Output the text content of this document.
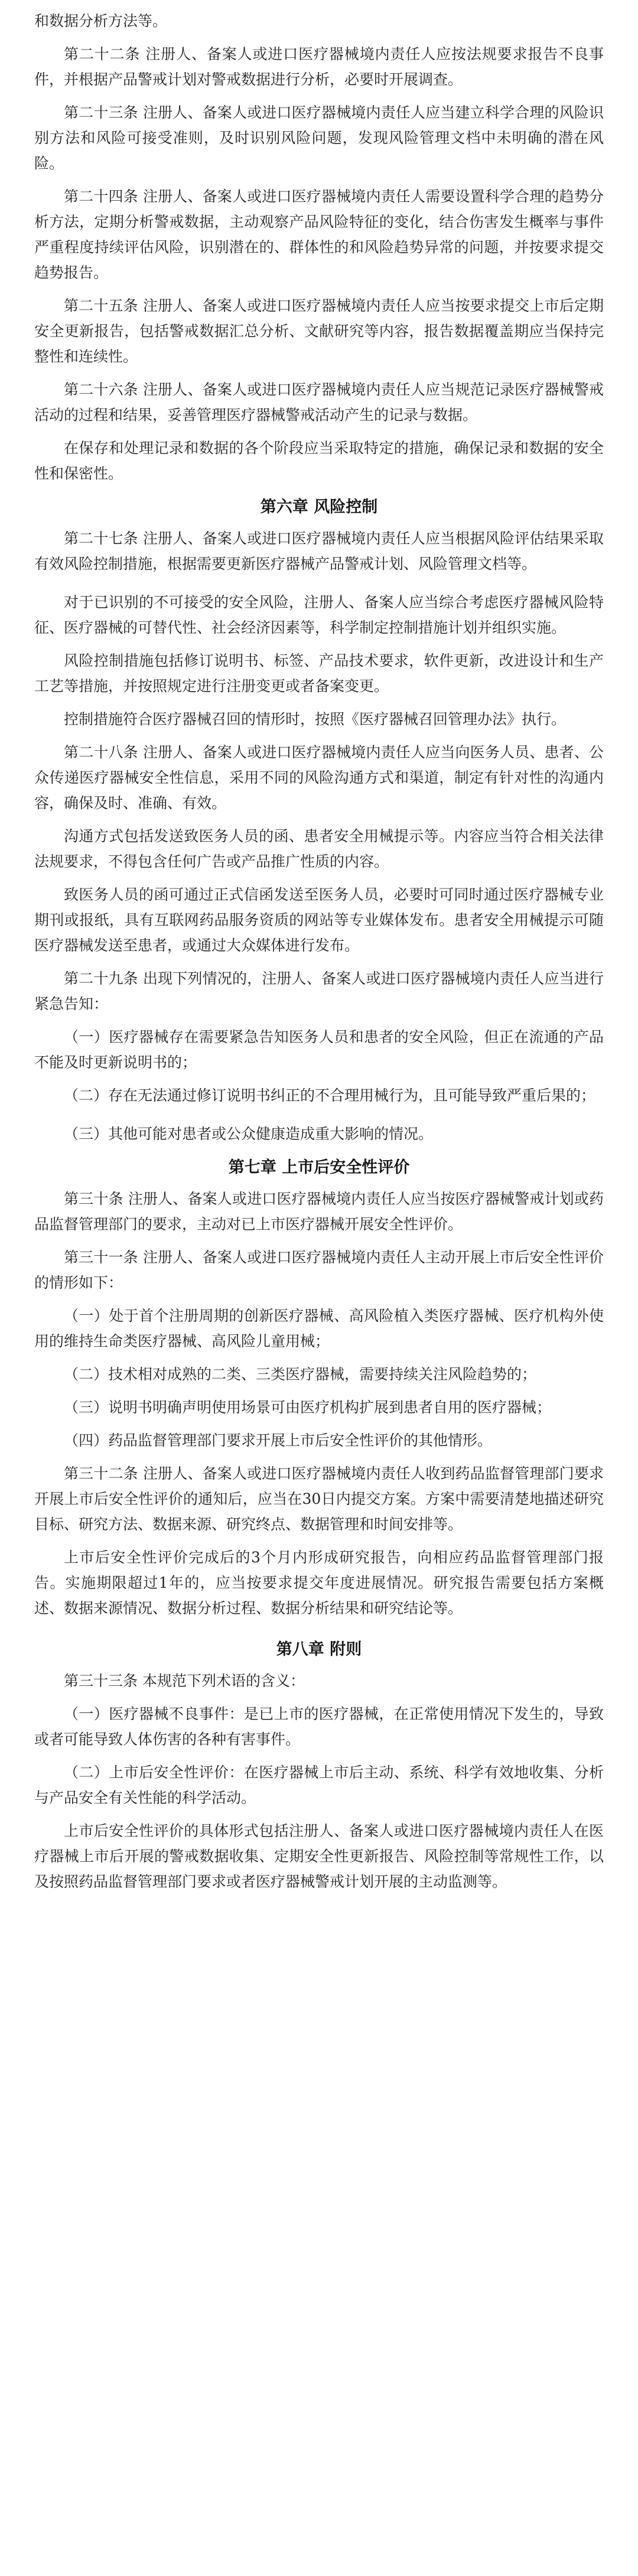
和数据分析方法等。

第二十二条 注册人、备案人或进口医疗器械境内责任人应按法规要求报告不良事件，并根据产品警戒计划对警戒数据进行分析，必要时开展调查。

第二十三条 注册人、备案人或进口医疗器械境内责任人应当建立科学合理的风险识别方法和风险可接受准则，及时识别风险问题，发现风险管理文档中未明确的潜在风险。

第二十四条 注册人、备案人或进口医疗器械境内责任人需要设置科学合理的趋势分析方法，定期分析警戒数据，主动观察产品风险特征的变化，结合伤害发生概率与事件严重程度持续评估风险，识别潜在的、群体性的和风险趋势异常的问题，并按要求提交趋势报告。

第二十五条 注册人、备案人或进口医疗器械境内责任人应当按要求提交上市后定期安全更新报告，包括警戒数据汇总分析、文献研究等内容，报告数据覆盖期应当保持完整性和连续性。

第二十六条 注册人、备案人或进口医疗器械境内责任人应当规范记录医疗器械警戒活动的过程和结果，妥善管理医疗器械警戒活动产生的记录与数据。

在保存和处理记录和数据的各个阶段应当采取特定的措施，确保记录和数据的安全性和保密性。

第六章 风险控制

第二十七条 注册人、备案人或进口医疗器械境内责任人应当根据风险评估结果采取有效风险控制措施，根据需要更新医疗器械产品警戒计划、风险管理文档等。

对于已识别的不可接受的安全风险，注册人、备案人应当综合考虑医疗器械风险特征、医疗器械的可替代性、社会经济因素等，科学制定控制措施计划并组织实施。

风险控制措施包括修订说明书、标签、产品技术要求，软件更新，改进设计和生产工艺等措施，并按照规定进行注册变更或者备案变更。

控制措施符合医疗器械召回的情形时，按照《医疗器械召回管理办法》执行。

第二十八条 注册人、备案人或进口医疗器械境内责任人应当向医务人员、患者、公众传递医疗器械安全性信息，采用不同的风险沟通方式和渠道，制定有针对性的沟通内容，确保及时、准确、有效。

沟通方式包括发送致医务人员的函、患者安全用械提示等。内容应当符合相关法律法规要求，不得包含任何广告或产品推广性质的内容。

致医务人员的函可通过正式信函发送至医务人员，必要时可同时通过医疗器械专业期刊或报纸，具有互联网药品服务资质的网站等专业媒体发布。患者安全用械提示可随医疗器械发送至患者，或通过大众媒体进行发布。

第二十九条 出现下列情况的，注册人、备案人或进口医疗器械境内责任人应当进行紧急告知：

（一）医疗器械存在需要紧急告知医务人员和患者的安全风险，但正在流通的产品不能及时更新说明书的；

（二）存在无法通过修订说明书纠正的不合理用械行为，且可能导致严重后果的；

（三）其他可能对患者或公众健康造成重大影响的情况。

第七章 上市后安全性评价

第三十条 注册人、备案人或进口医疗器械境内责任人应当按医疗器械警戒计划或药品监督管理部门的要求，主动对已上市医疗器械开展安全性评价。

第三十一条 注册人、备案人或进口医疗器械境内责任人主动开展上市后安全性评价的情形如下：

（一）处于首个注册周期的创新医疗器械、高风险植入类医疗器械、医疗机构外使用的维持生命类医疗器械、高风险儿童用械；

（二）技术相对成熟的二类、三类医疗器械，需要持续关注风险趋势的；

（三）说明书明确声明使用场景可由医疗机构扩展到患者自用的医疗器械；

（四）药品监督管理部门要求开展上市后安全性评价的其他情形。

第三十二条 注册人、备案人或进口医疗器械境内责任人收到药品监督管理部门要求开展上市后安全性评价的通知后，应当在30日内提交方案。方案中需要清楚地描述研究目标、研究方法、数据来源、研究终点、数据管理和时间安排等。

上市后安全性评价完成后的3个月内形成研究报告，向相应药品监督管理部门报告。实施期限超过1年的，应当按要求提交年度进展情况。研究报告需要包括方案概述、数据来源情况、数据分析过程、数据分析结果和研究结论等。

第八章 附则

第三十三条 本规范下列术语的含义：

（一）医疗器械不良事件：是已上市的医疗器械，在正常使用情况下发生的，导致或者可能导致人体伤害的各种有害事件。

（二）上市后安全性评价：在医疗器械上市后主动、系统、科学有效地收集、分析与产品安全有关性能的科学活动。

上市后安全性评价的具体形式包括注册人、备案人或进口医疗器械境内责任人在医疗器械上市后开展的警戒数据收集、定期安全性更新报告、风险控制等常规性工作，以及按照药品监督管理部门要求或者医疗器械警戒计划开展的主动监测等。
